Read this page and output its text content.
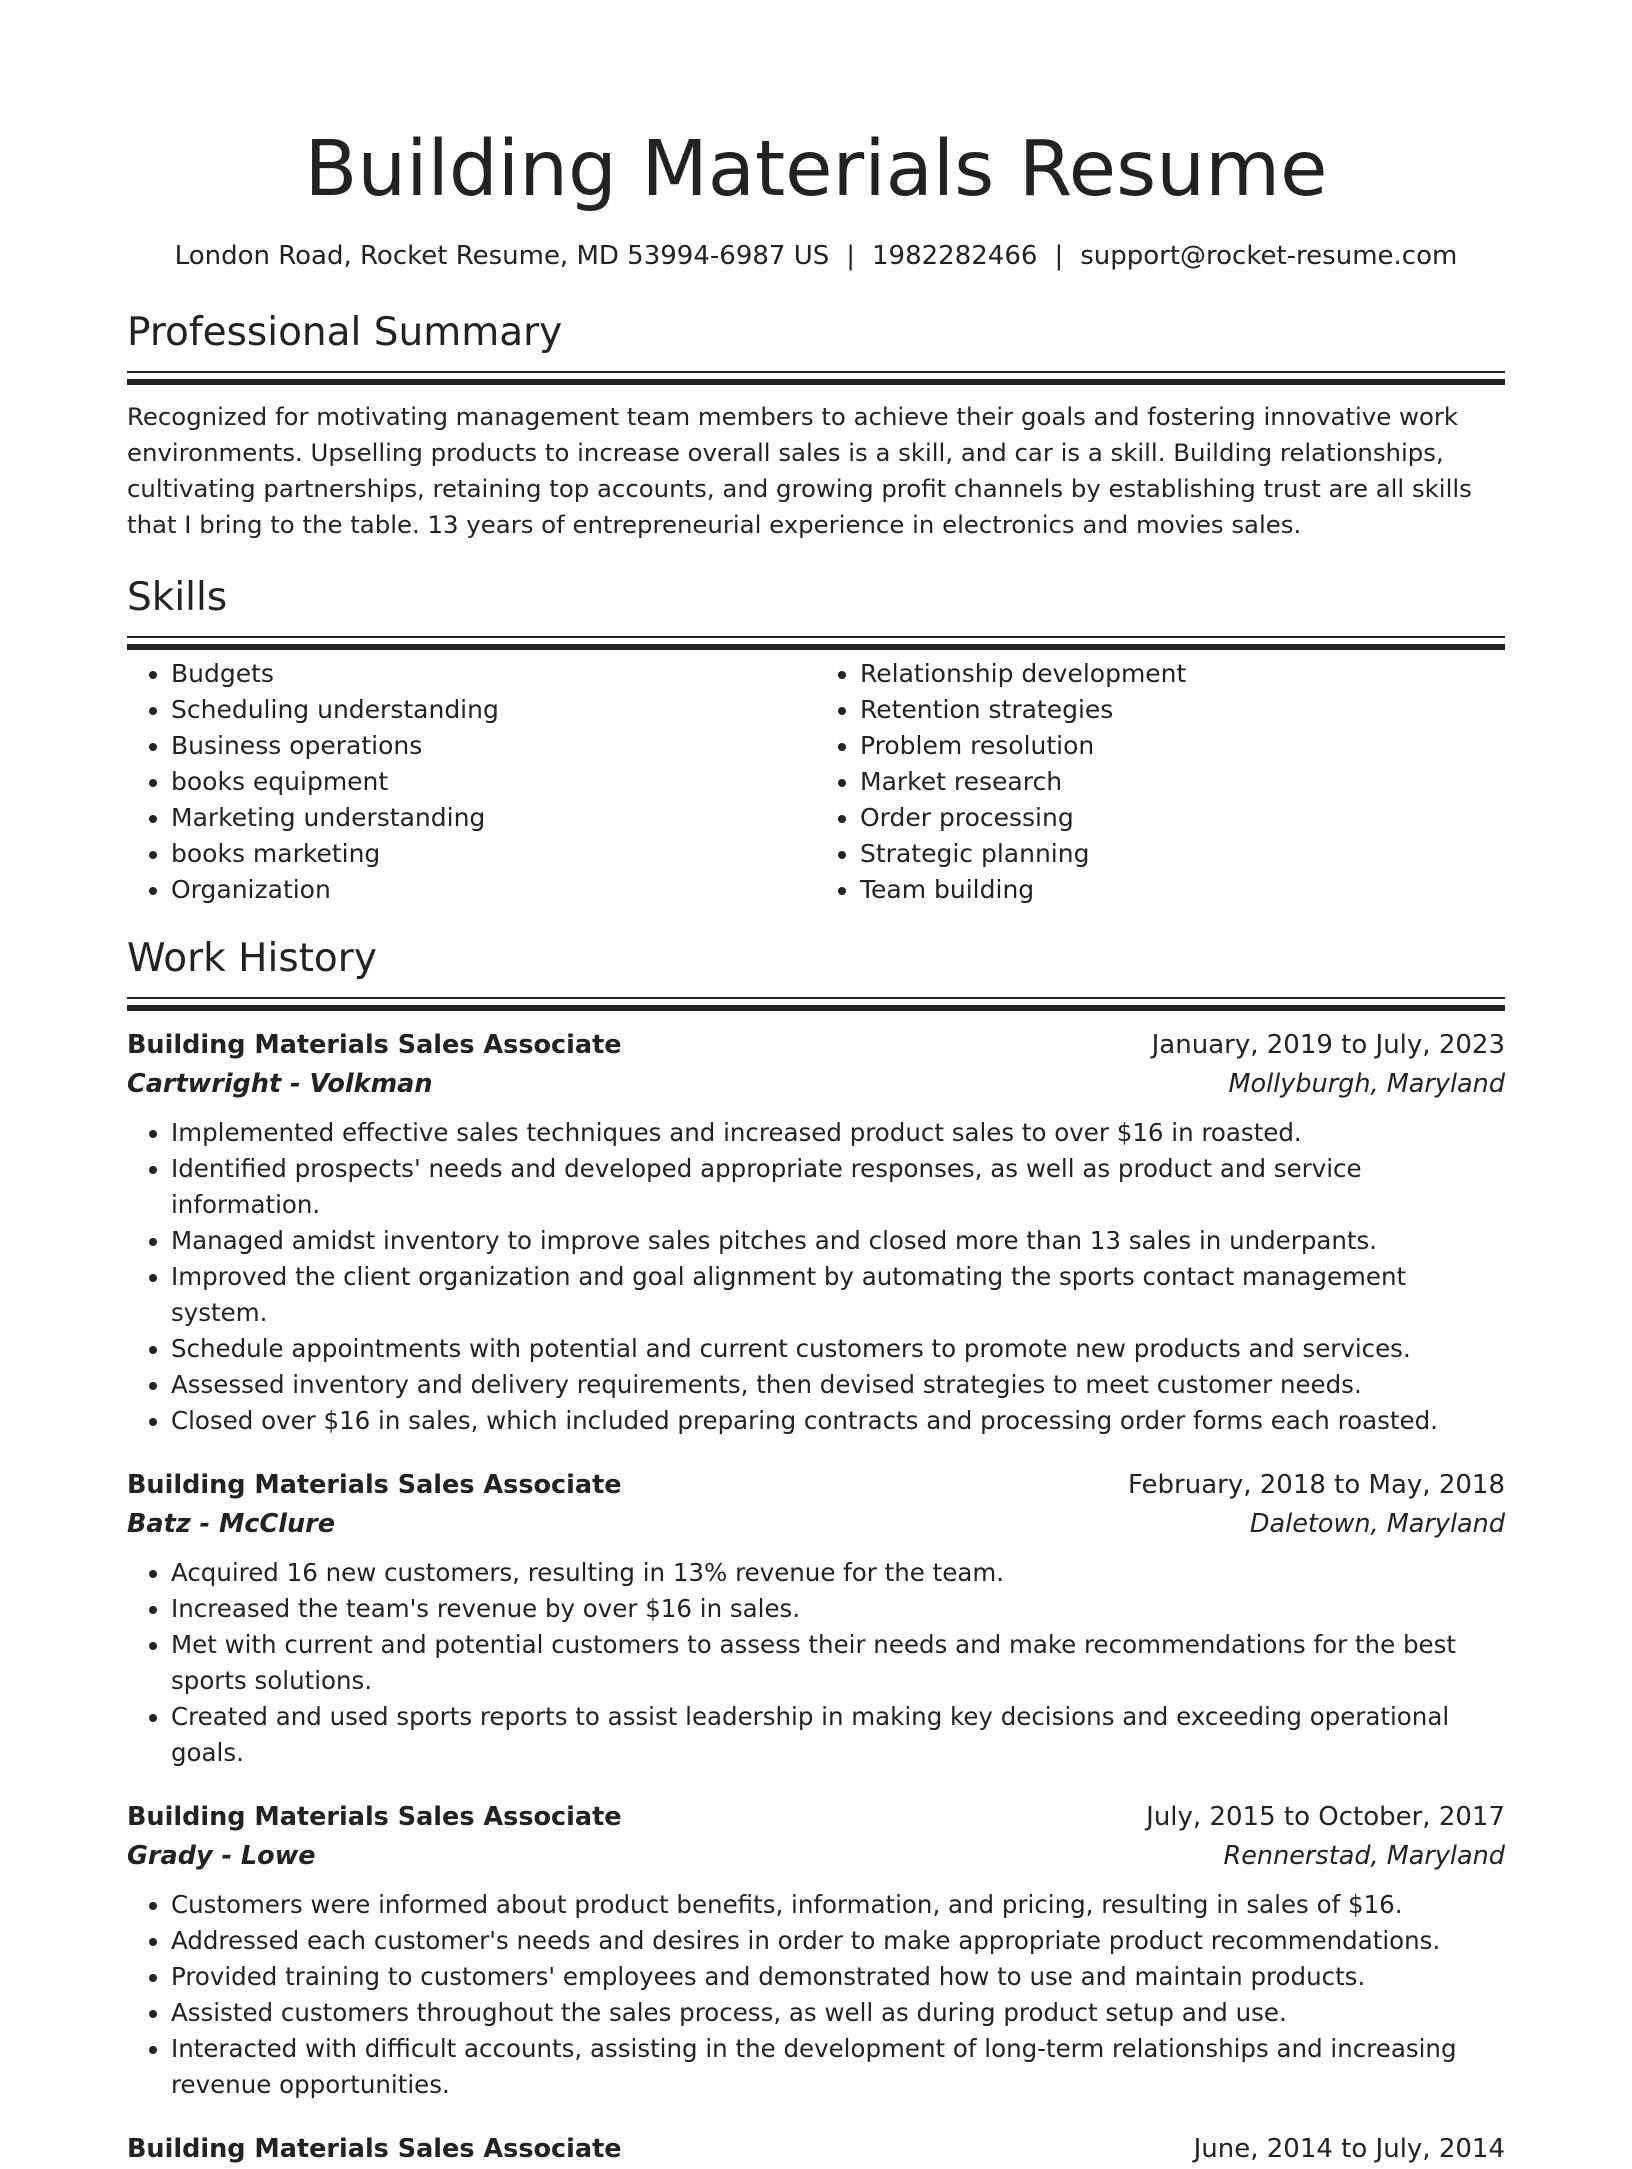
Building Materials Resume
London Road, Rocket Resume, MD 53994-6987 US | 1982282466 | support@rocket-resume.com
Professional Summary
Recognized for motivating management team members to achieve their goals and fostering innovative work environments. Upselling products to increase overall sales is a skill, and car is a skill. Building relationships, cultivating partnerships, retaining top accounts, and growing profit channels by establishing trust are all skills that I bring to the table. 13 years of entrepreneurial experience in electronics and movies sales.
Skills
• Budgets
• Scheduling understanding
• Business operations
• books equipment
• Marketing understanding
• books marketing
• Organization
• Relationship development
• Retention strategies
• Problem resolution
• Market research
• Order processing
• Strategic planning
• Team building
Work History
Building Materials Sales Associate	January, 2019 to July, 2023
Cartwright - Volkman	Mollyburgh, Maryland
• Implemented effective sales techniques and increased product sales to over $16 in roasted.
• Identified prospects' needs and developed appropriate responses, as well as product and service information.
• Managed amidst inventory to improve sales pitches and closed more than 13 sales in underpants.
• Improved the client organization and goal alignment by automating the sports contact management system.
• Schedule appointments with potential and current customers to promote new products and services.
• Assessed inventory and delivery requirements, then devised strategies to meet customer needs.
• Closed over $16 in sales, which included preparing contracts and processing order forms each roasted.
Building Materials Sales Associate	February, 2018 to May, 2018
Batz - McClure	Daletown, Maryland
• Acquired 16 new customers, resulting in 13% revenue for the team.
• Increased the team's revenue by over $16 in sales.
• Met with current and potential customers to assess their needs and make recommendations for the best sports solutions.
• Created and used sports reports to assist leadership in making key decisions and exceeding operational goals.
Building Materials Sales Associate	July, 2015 to October, 2017
Grady - Lowe	Rennerstad, Maryland
• Customers were informed about product benefits, information, and pricing, resulting in sales of $16.
• Addressed each customer's needs and desires in order to make appropriate product recommendations.
• Provided training to customers' employees and demonstrated how to use and maintain products.
• Assisted customers throughout the sales process, as well as during product setup and use.
• Interacted with difficult accounts, assisting in the development of long-term relationships and increasing revenue opportunities.
Building Materials Sales Associate	June, 2014 to July, 2014
